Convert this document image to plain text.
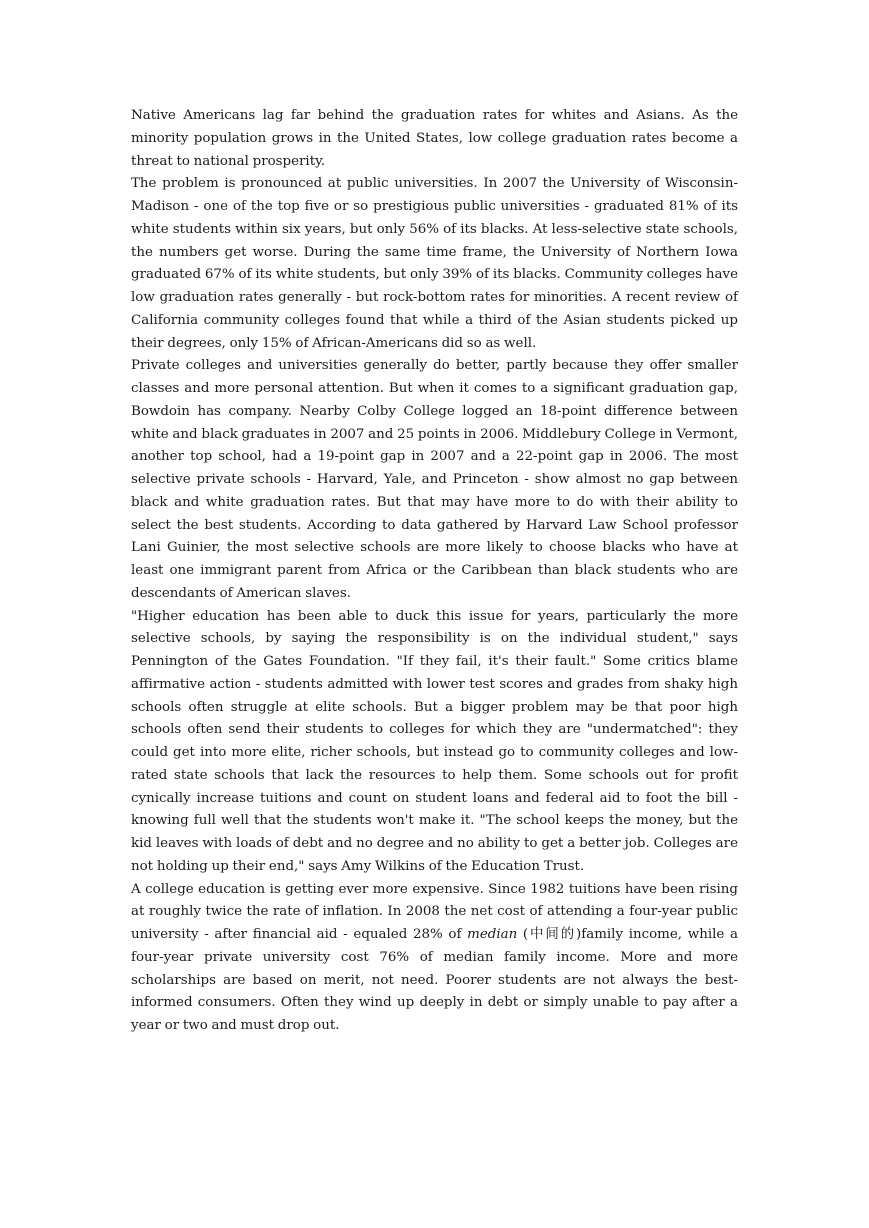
Native Americans lag far behind the graduation rates for whites and Asians. As the minority population grows in the United States, low college graduation rates become a threat to national prosperity.

The problem is pronounced at public universities. In 2007 the University of Wisconsin-Madison - one of the top five or so prestigious public universities - graduated 81% of its white students within six years, but only 56% of its blacks. At less-selective state schools, the numbers get worse. During the same time frame, the University of Northern Iowa graduated 67% of its white students, but only 39% of its blacks. Community colleges have low graduation rates generally - but rock-bottom rates for minorities. A recent review of California community colleges found that while a third of the Asian students picked up their degrees, only 15% of African-Americans did so as well.

Private colleges and universities generally do better, partly because they offer smaller classes and more personal attention. But when it comes to a significant graduation gap, Bowdoin has company. Nearby Colby College logged an 18-point difference between white and black graduates in 2007 and 25 points in 2006. Middlebury College in Vermont, another top school, had a 19-point gap in 2007 and a 22-point gap in 2006. The most selective private schools - Harvard, Yale, and Princeton - show almost no gap between black and white graduation rates. But that may have more to do with their ability to select the best students. According to data gathered by Harvard Law School professor Lani Guinier, the most selective schools are more likely to choose blacks who have at least one immigrant parent from Africa or the Caribbean than black students who are descendants of American slaves.

"Higher education has been able to duck this issue for years, particularly the more selective schools, by saying the responsibility is on the individual student," says Pennington of the Gates Foundation. "If they fail, it's their fault." Some critics blame affirmative action - students admitted with lower test scores and grades from shaky high schools often struggle at elite schools. But a bigger problem may be that poor high schools often send their students to colleges for which they are "undermatched": they could get into more elite, richer schools, but instead go to community colleges and low-rated state schools that lack the resources to help them. Some schools out for profit cynically increase tuitions and count on student loans and federal aid to foot the bill - knowing full well that the students won't make it. "The school keeps the money, but the kid leaves with loads of debt and no degree and no ability to get a better job. Colleges are not holding up their end," says Amy Wilkins of the Education Trust.

A college education is getting ever more expensive. Since 1982 tuitions have been rising at roughly twice the rate of inflation. In 2008 the net cost of attending a four-year public university - after financial aid - equaled 28% of median (中间的)family income, while a four-year private university cost 76% of median family income. More and more scholarships are based on merit, not need. Poorer students are not always the best-informed consumers. Often they wind up deeply in debt or simply unable to pay after a year or two and must drop out.
